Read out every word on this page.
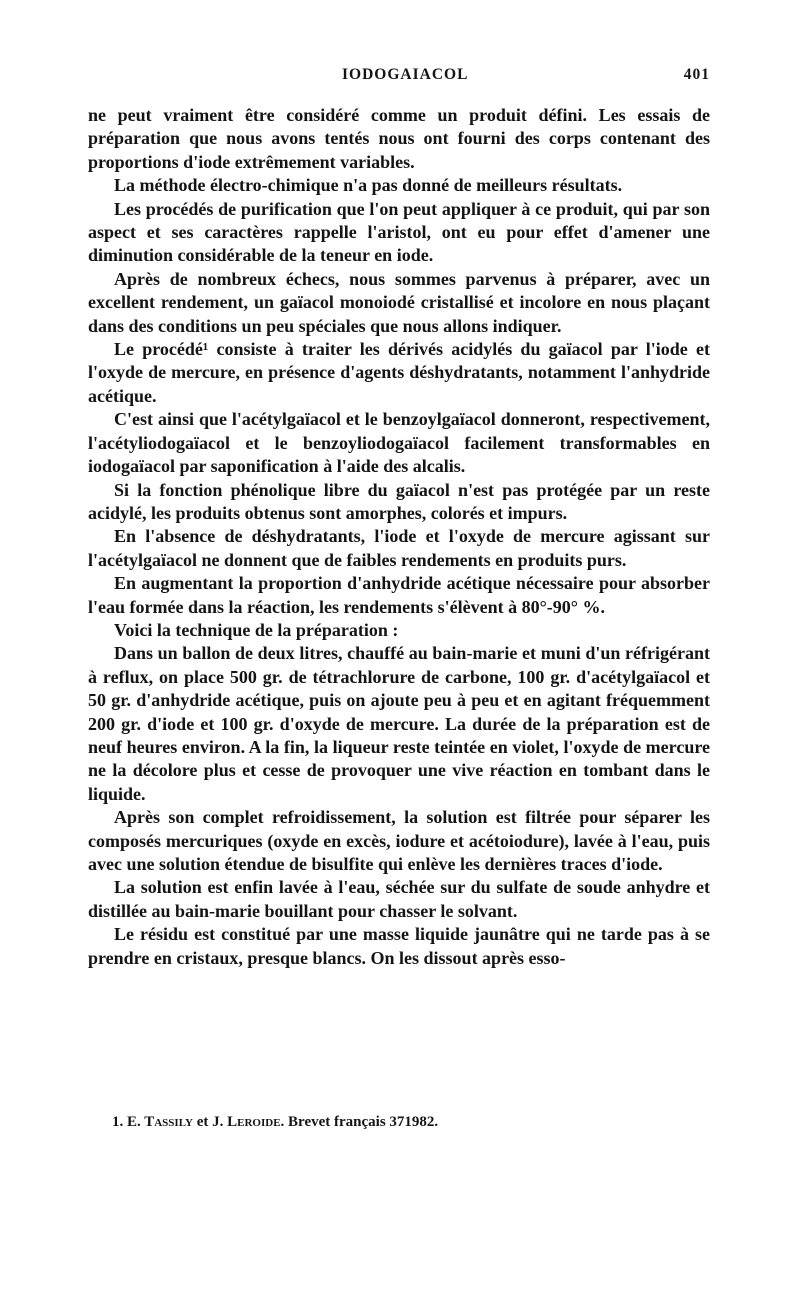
IODOGAIACOL	401

ne peut vraiment être considéré comme un produit défini. Les essais de préparation que nous avons tentés nous ont fourni des corps contenant des proportions d'iode extrêmement variables.

La méthode électro-chimique n'a pas donné de meilleurs résultats.

Les procédés de purification que l'on peut appliquer à ce produit, qui par son aspect et ses caractères rappelle l'aristol, ont eu pour effet d'amener une diminution considérable de la teneur en iode.

Après de nombreux échecs, nous sommes parvenus à préparer, avec un excellent rendement, un gaïacol monoiodé cristallisé et incolore en nous plaçant dans des conditions un peu spéciales que nous allons indiquer.

Le procédé¹ consiste à traiter les dérivés acidylés du gaïacol par l'iode et l'oxyde de mercure, en présence d'agents déshydratants, notamment l'anhydride acétique.

C'est ainsi que l'acétylgaïacol et le benzoylgaïacol donneront, respectivement, l'acétyliodogaïacol et le benzoyliodogaïacol facilement transformables en iodogaïacol par saponification à l'aide des alcalis.

Si la fonction phénolique libre du gaïacol n'est pas protégée par un reste acidylé, les produits obtenus sont amorphes, colorés et impurs.

En l'absence de déshydratants, l'iode et l'oxyde de mercure agissant sur l'acétylgaïacol ne donnent que de faibles rendements en produits purs.

En augmentant la proportion d'anhydride acétique nécessaire pour absorber l'eau formée dans la réaction, les rendements s'élèvent à 80°-90° %.

Voici la technique de la préparation :

Dans un ballon de deux litres, chauffé au bain-marie et muni d'un réfrigérant à reflux, on place 500 gr. de tétrachlorure de carbone, 100 gr. d'acétylgaïacol et 50 gr. d'anhydride acétique, puis on ajoute peu à peu et en agitant fréquemment 200 gr. d'iode et 100 gr. d'oxyde de mercure. La durée de la préparation est de neuf heures environ. A la fin, la liqueur reste teintée en violet, l'oxyde de mercure ne la décolore plus et cesse de provoquer une vive réaction en tombant dans le liquide.

Après son complet refroidissement, la solution est filtrée pour séparer les composés mercuriques (oxyde en excès, iodure et acétoiodure), lavée à l'eau, puis avec une solution étendue de bisulfite qui enlève les dernières traces d'iode.

La solution est enfin lavée à l'eau, séchée sur du sulfate de soude anhydre et distillée au bain-marie bouillant pour chasser le solvant.

Le résidu est constitué par une masse liquide jaunâtre qui ne tarde pas à se prendre en cristaux, presque blancs. On les dissout après esso-

1. E. Tassily et J. Leroide. Brevet français 371982.
